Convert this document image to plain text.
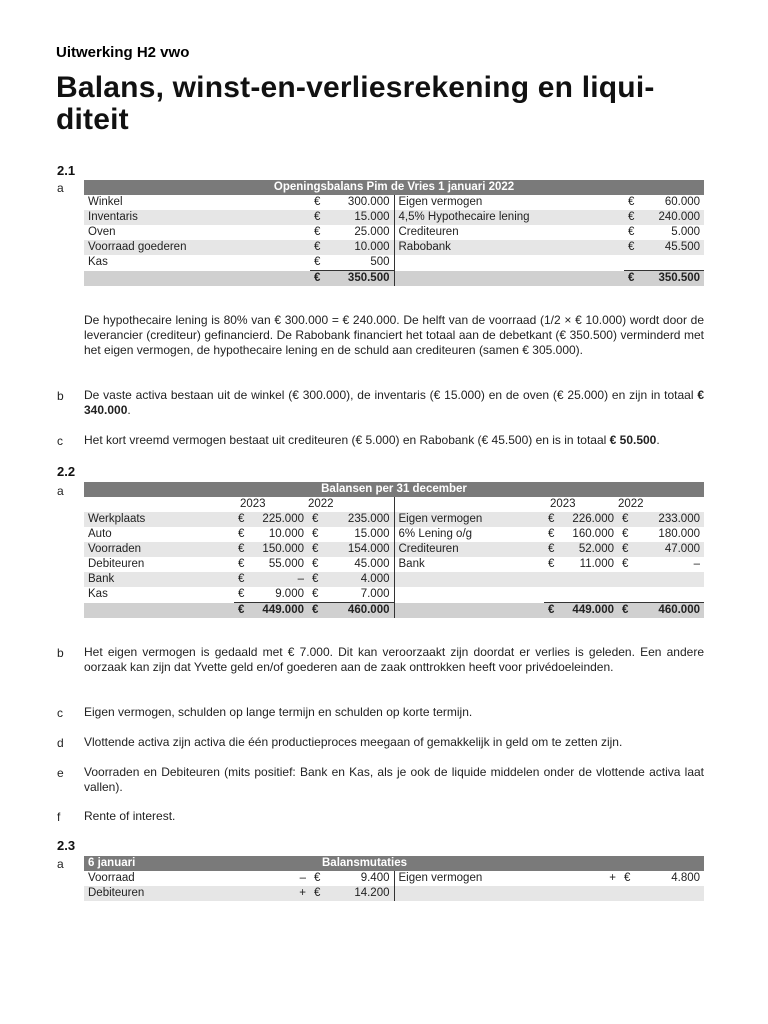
Uitwerking H2 vwo
Balans, winst-en-verliesrekening en liqui-
diteit
2.1
a	Openingsbalans Pim de Vries 1 januari 2022					
Winkel	€	300.000	Eigen vermogen	€	60.000
Inventaris	€	15.000	4,5% Hypothecaire lening	€	240.000
Oven	€	25.000	Crediteuren	€	5.000
Voorraad goederen	€	10.000	Rabobank	€	45.500
Kas	€	500			
	€	350.500		€	350.500
De hypothecaire lening is 80% van € 300.000 = € 240.000. De helft van de voorraad (1/2 × € 10.000) wordt door de leverancier (crediteur) gefinancierd. De Rabobank financiert het totaal aan de debetkant (€ 350.500) verminderd met het eigen vermogen, de hypothecaire lening en de schuld aan crediteuren (samen € 305.000).
b De vaste activa bestaan uit de winkel (€ 300.000), de inventaris (€ 15.000) en de oven (€ 25.000) en zijn in totaal € 340.000.
c Het kort vreemd vermogen bestaat uit crediteuren (€ 5.000) en Rabobank (€ 45.500) en is in totaal € 50.500.
2.2
a	Balansen per 31 december									
	2023		2022			2023		2022	
Werkplaats	€	225.000	€	235.000	Eigen vermogen	€	226.000	€	233.000
Auto	€	10.000	€	15.000	6% Lening o/g	€	160.000	€	180.000
Voorraden	€	150.000	€	154.000	Crediteuren	€	52.000	€	47.000
Debiteuren	€	55.000	€	45.000	Bank	€	11.000	€	–
Bank	€	–	€	4.000					
Kas	€	9.000	€	7.000					
	€	449.000	€	460.000		€	449.000	€	460.000
b Het eigen vermogen is gedaald met € 7.000. Dit kan veroorzaakt zijn doordat er verlies is geleden. Een andere oorzaak kan zijn dat Yvette geld en/of goederen aan de zaak onttrokken heeft voor privédoeleinden.
c Eigen vermogen, schulden op lange termijn en schulden op korte termijn.
d Vlottende activa zijn activa die één productieproces meegaan of gemakkelijk in geld om te zetten zijn.
e Voorraden en Debiteuren (mits positief: Bank en Kas, als je ook de liquide middelen onder de vlottende activa laat vallen).
f Rente of interest.
2.3
a 6 januari	Balansmutaties						
Voorraad	–	€	9.400	Eigen vermogen	+	€	4.800
Debiteuren	+	€	14.200				
